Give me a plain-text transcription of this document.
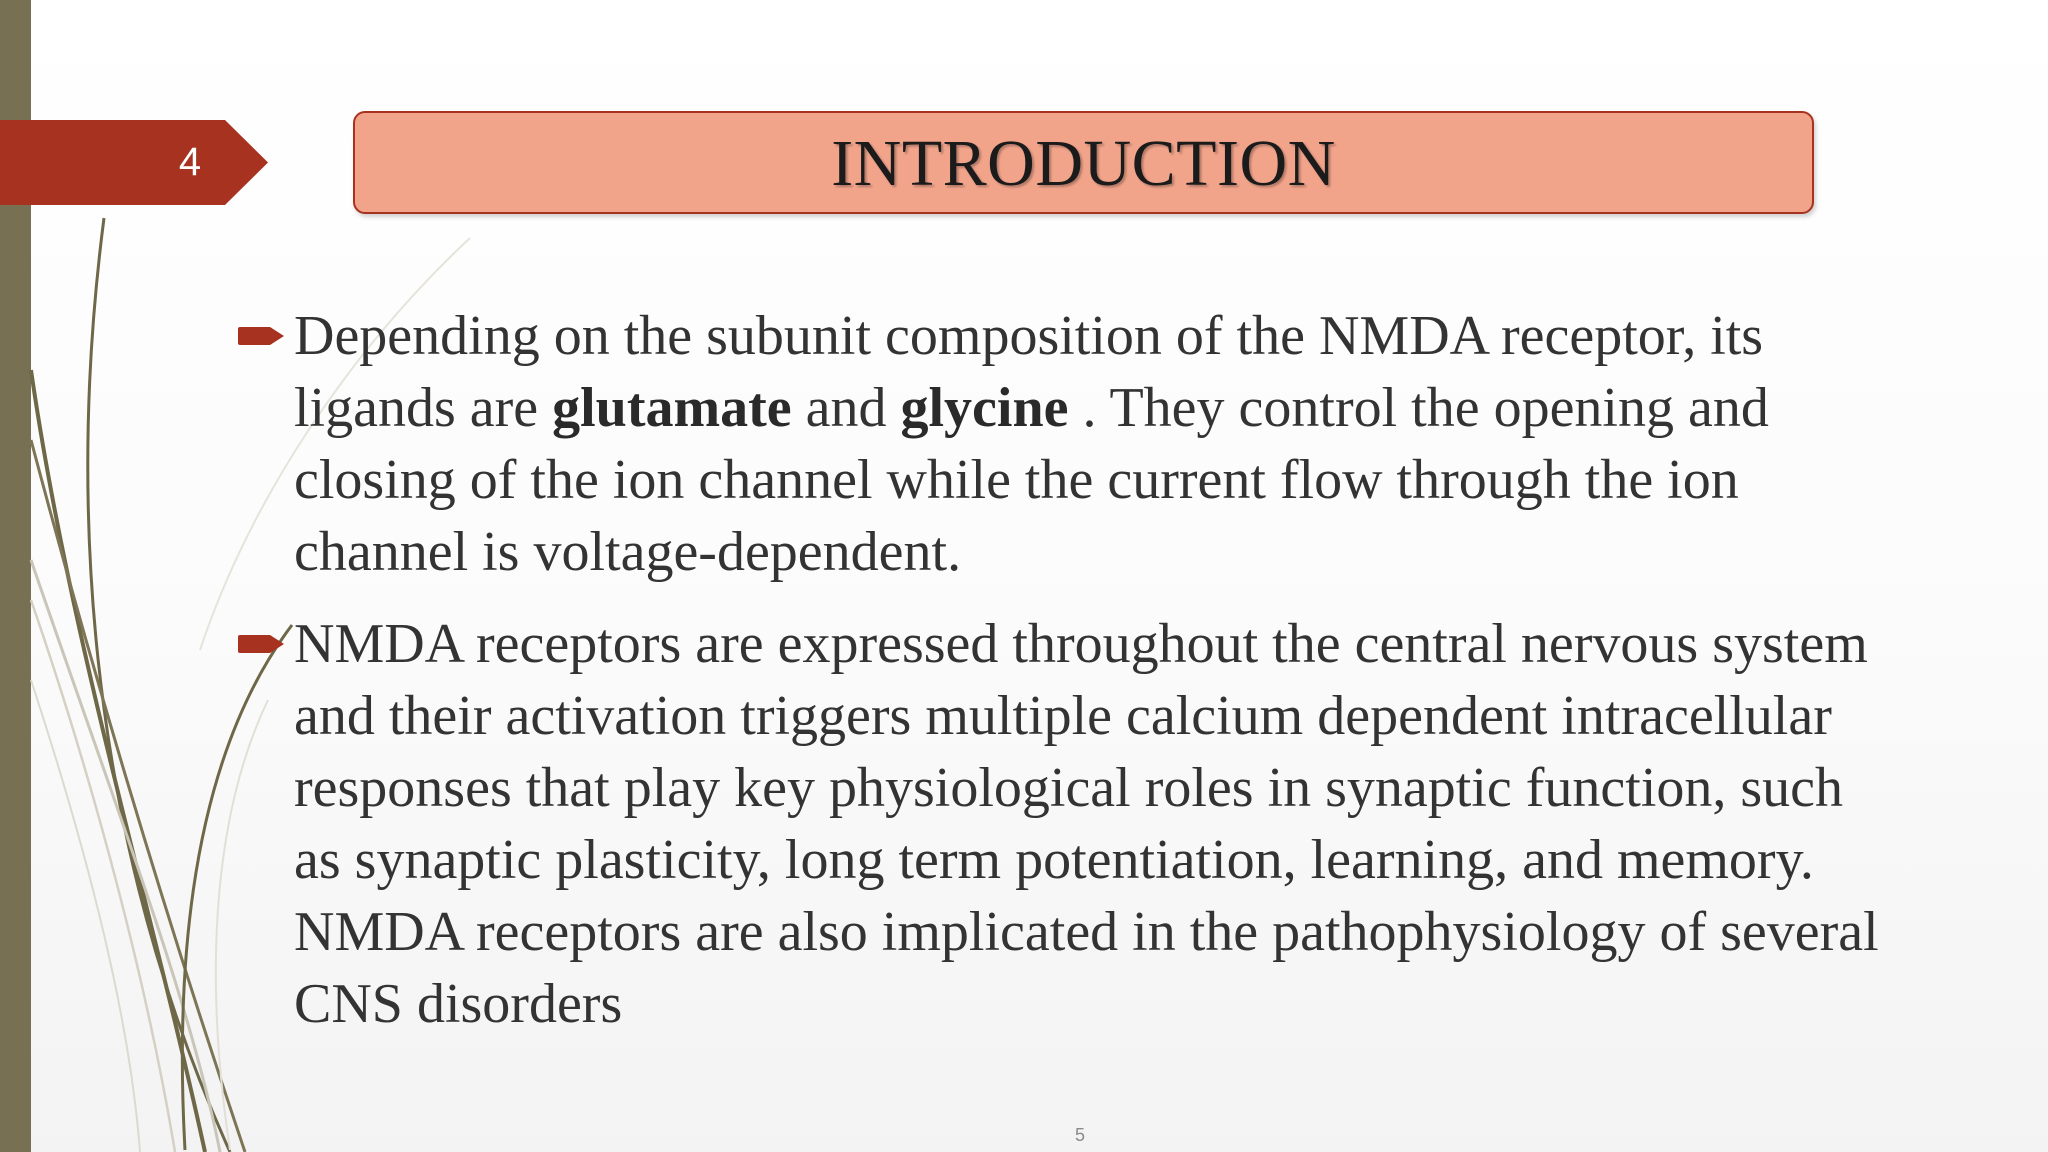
4	INTRODUCTION
Depending on the subunit composition of the NMDA receptor, its ligands are glutamate and glycine . They control the opening and closing of the ion channel while the current flow through the ion channel is voltage-dependent.
NMDA receptors are expressed throughout the central nervous system and their activation triggers multiple calcium dependent intracellular responses that play key physiological roles in synaptic function, such as synaptic plasticity, long term potentiation, learning, and memory. NMDA receptors are also implicated in the pathophysiology of several CNS disorders
5
